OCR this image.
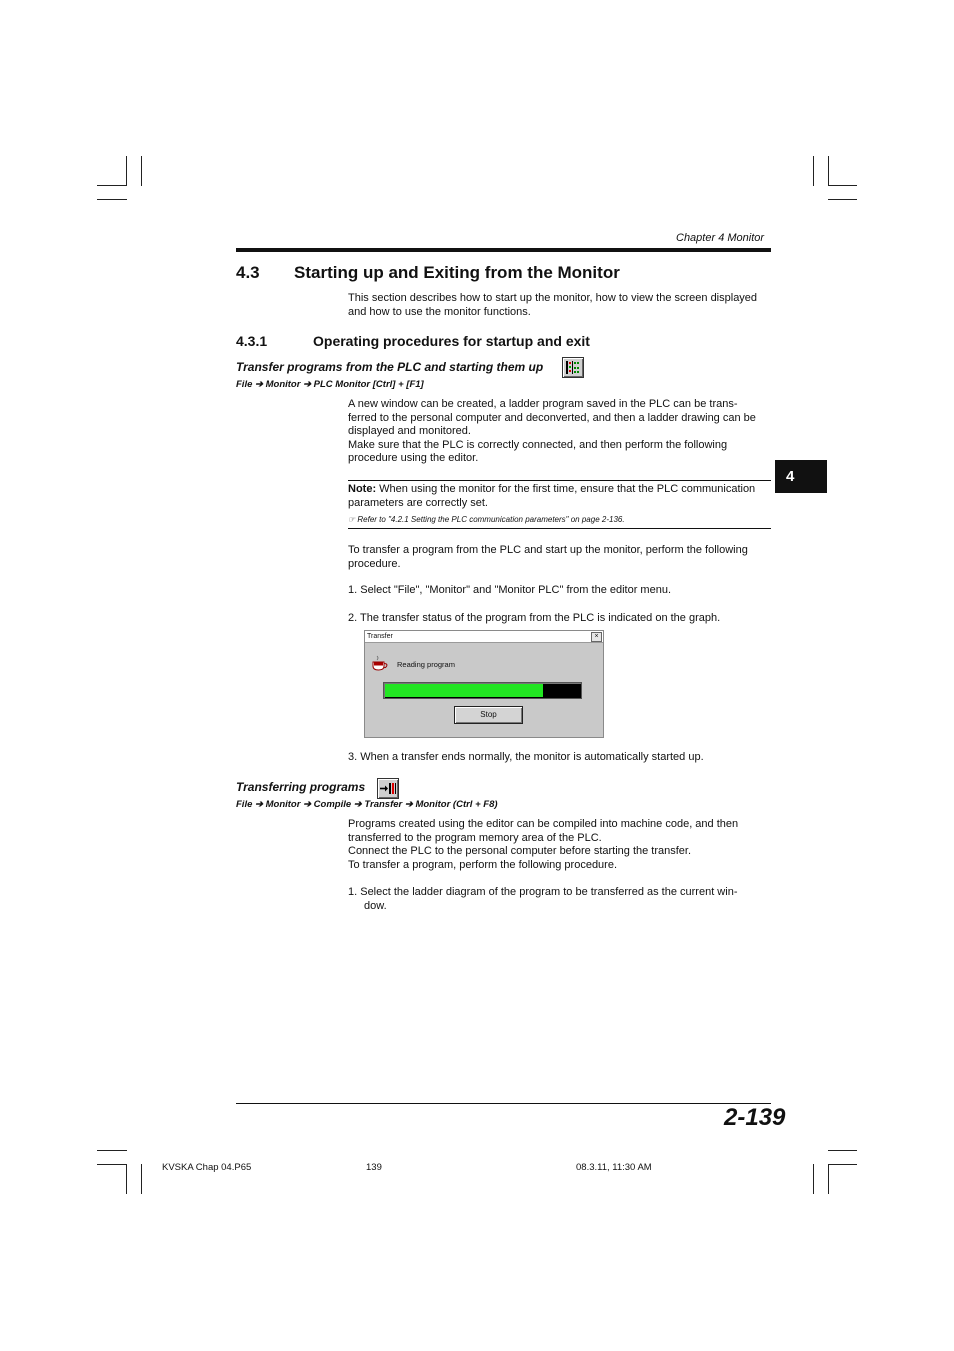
Chapter 4 Monitor
4.3 Starting up and Exiting from the Monitor
This section describes how to start up the monitor, how to view the screen displayed
and how to use the monitor functions.
4.3.1	Operating procedures for startup and exit
Transfer programs from the PLC and starting them up
File ➔ Monitor ➔ PLC Monitor [Ctrl] + [F1]
A new window can be created, a ladder program saved in the PLC can be trans-
ferred to the personal computer and deconverted, and then a ladder drawing can be
displayed and monitored.
Make sure that the PLC is correctly connected, and then perform the following
procedure using the editor.
Note: When using the monitor for the first time, ensure that the PLC communication
parameters are correctly set.
☞ Refer to "4.2.1 Setting the PLC communication parameters" on page 2-136.
To transfer a program from the PLC and start up the monitor, perform the following
procedure.
1. Select "File", "Monitor" and "Monitor PLC" from the editor menu.
2. The transfer status of the program from the PLC is indicated on the graph.
Transfer	×
Reading program
Stop
3. When a transfer ends normally, the monitor is automatically started up.
Transferring programs
File ➔ Monitor ➔ Compile ➔ Transfer ➔ Monitor (Ctrl + F8)
Programs created using the editor can be compiled into machine code, and then
transferred to the program memory area of the PLC.
Connect the PLC to the personal computer before starting the transfer.
To transfer a program, perform the following procedure.
1. Select the ladder diagram of the program to be transferred as the current win-
dow.
4
2-139
KVSKA Chap 04.P65	139	08.3.11, 11:30 AM
